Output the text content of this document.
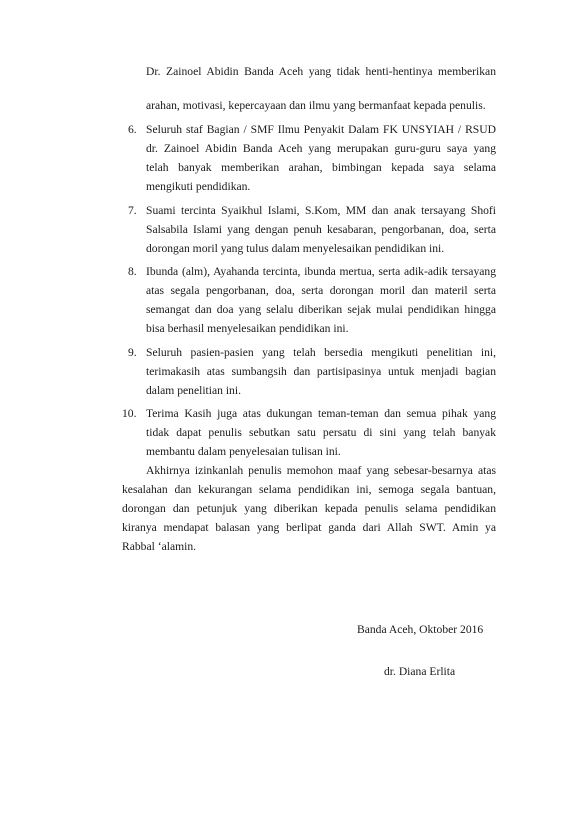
Dr. Zainoel Abidin Banda Aceh yang tidak henti-hentinya memberikan
arahan, motivasi, kepercayaan dan ilmu yang bermanfaat kepada penulis.
6. Seluruh staf Bagian / SMF Ilmu Penyakit Dalam FK UNSYIAH / RSUD
dr. Zainoel Abidin Banda Aceh yang merupakan guru-guru saya yang
telah banyak memberikan arahan, bimbingan kepada saya selama
mengikuti pendidikan.
7. Suami tercinta Syaikhul Islami, S.Kom, MM dan anak tersayang Shofi
Salsabila Islami yang dengan penuh kesabaran, pengorbanan, doa, serta
dorongan moril yang tulus dalam menyelesaikan pendidikan ini.
8. Ibunda (alm), Ayahanda tercinta, ibunda mertua, serta adik-adik tersayang
atas segala pengorbanan, doa, serta dorongan moril dan materil serta
semangat dan doa yang selalu diberikan sejak mulai pendidikan hingga
bisa berhasil menyelesaikan pendidikan ini.
9. Seluruh pasien-pasien yang telah bersedia mengikuti penelitian ini,
terimakasih atas sumbangsih dan partisipasinya untuk menjadi bagian
dalam penelitian ini.
10. Terima Kasih juga atas dukungan teman-teman dan semua pihak yang
tidak dapat penulis sebutkan satu persatu di sini yang telah banyak
membantu dalam penyelesaian tulisan ini.
Akhirnya izinkanlah penulis memohon maaf yang sebesar-besarnya atas
kesalahan dan kekurangan selama pendidikan ini, semoga segala bantuan,
dorongan dan petunjuk yang diberikan kepada penulis selama pendidikan
kiranya mendapat balasan yang berlipat ganda dari Allah SWT. Amin ya
Rabbal ‘alamin.
Banda Aceh, Oktober 2016
dr. Diana Erlita
